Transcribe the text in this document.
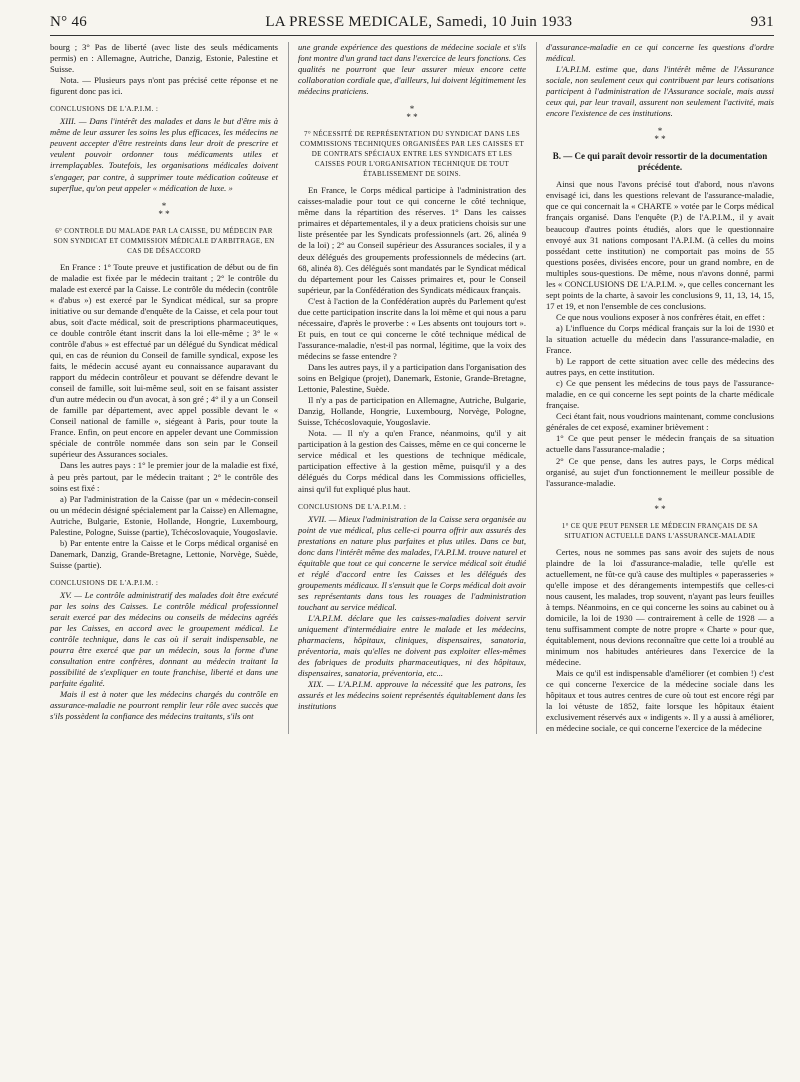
N° 46	LA PRESSE MEDICALE, Samedi, 10 Juin 1933	931

bourg ; 3° Pas de liberté (avec liste des seuls médicaments permis) en : Allemagne, Autriche, Danzig, Estonie, Palestine et Suisse.

Nota. — Plusieurs pays n'ont pas précisé cette réponse et ne figurent donc pas ici.

CONCLUSIONS DE L'A.P.I.M. :

XIII. — Dans l'intérêt des malades et dans le but d'être mis à même de leur assurer les soins les plus efficaces, les médecins ne peuvent accepter d'être restreints dans leur droit de prescrire et veulent pouvoir ordonner tous médicaments utiles et irremplaçables. Toutefois, les organisations médicales doivent s'engager, par contre, à supprimer toute médication coûteuse et superflue, qu'on peut appeler « médication de luxe. »

*
* *

6° CONTROLE DU MALADE PAR LA CAISSE, DU MÉDECIN PAR SON SYNDICAT ET COMMISSION MÉDICALE D'ARBITRAGE, EN CAS DE DÉSACCORD

En France : 1° Toute preuve et justification de début ou de fin de maladie est fixée par le médecin traitant ; 2° le contrôle du malade est exercé par la Caisse. Le contrôle du médecin (contrôle « d'abus ») est exercé par le Syndicat médical, sur sa propre initiative ou sur demande d'enquête de la Caisse, et cela pour tout abus, soit d'acte médical, soit de prescriptions pharmaceutiques, ce double contrôle étant inscrit dans la loi elle-même ; 3° le « contrôle d'abus » est effectué par un délégué du Syndicat médical qui, en cas de réunion du Conseil de famille syndical, expose les faits, le médecin accusé ayant eu connaissance auparavant du rapport du médecin contrôleur et pouvant se défendre devant le conseil de famille, soit lui-même seul, soit en se faisant assister d'un autre médecin ou d'un avocat, à son gré ; 4° il y a un Conseil de famille par département, avec appel possible devant le « Conseil national de famille », siégeant à Paris, pour toute la France. Enfin, on peut encore en appeler devant une Commission spéciale de contrôle nommée dans son sein par le Conseil supérieur des Assurances sociales.

Dans les autres pays : 1° le premier jour de la maladie est fixé, à peu près partout, par le médecin traitant ; 2° le contrôle des soins est fixé :

a) Par l'administration de la Caisse (par un « médecin-conseil ou un médecin désigné spécialement par la Caisse) en Allemagne, Autriche, Bulgarie, Estonie, Hollande, Hongrie, Luxembourg, Palestine, Pologne, Suisse (partie), Tchécoslovaquie, Yougoslavie.

b) Par entente entre la Caisse et le Corps médical organisé en Danemark, Danzig, Grande-Bretagne, Lettonie, Norvège, Suède, Suisse (partie).

CONCLUSIONS DE L'A.P.I.M. :

XV. — Le contrôle administratif des malades doit être exécuté par les soins des Caisses. Le contrôle médical professionnel serait exercé par des médecins ou conseils de médecins agréés par les Caisses, en accord avec le groupement médical. Le contrôle technique, dans le cas où il serait indispensable, ne pourra être exercé que par un médecin, sous la forme d'une consultation entre confrères, donnant au médecin traitant la possibilité de s'expliquer en toute franchise, liberté et dans une parfaite égalité.

Mais il est à noter que les médecins chargés du contrôle en assurance-maladie ne pourront remplir leur rôle avec succès que s'ils possèdent la confiance des médecins traitants, s'ils ont

une grande expérience des questions de médecine sociale et s'ils font montre d'un grand tact dans l'exercice de leurs fonctions. Ces qualités ne pourront que leur assurer mieux encore cette collaboration cordiale que, d'ailleurs, lui doivent légitimement les médecins praticiens.

*
* *

7° NÉCESSITÉ DE REPRÉSENTATION DU SYNDICAT DANS LES COMMISSIONS TECHNIQUES ORGANISÉES PAR LES CAISSES ET DE CONTRATS SPÉCIAUX ENTRE LES SYNDICATS ET LES CAISSES POUR L'ORGANISATION TECHNIQUE DE TOUT ÉTABLISSEMENT DE SOINS.

En France, le Corps médical participe à l'administration des caisses-maladie pour tout ce qui concerne le côté technique, même dans la répartition des réserves. 1° Dans les caisses primaires et départementales, il y a deux praticiens choisis sur une liste présentée par les Syndicats professionnels (art. 26, alinéa 9 de la loi) ; 2° au Conseil supérieur des Assurances sociales, il y a deux délégués des groupements professionnels de médecins (art. 68, alinéa 8). Ces délégués sont mandatés par le Syndicat médical du département pour les Caisses primaires et, pour le Conseil supérieur, par la Confédération des Syndicats médicaux français.

C'est à l'action de la Confédération auprès du Parlement qu'est due cette participation inscrite dans la loi même et qui nous a paru nécessaire, d'après le proverbe : « Les absents ont toujours tort ». Et puis, en tout ce qui concerne le côté technique médical de l'assurance-maladie, n'est-il pas normal, légitime, que la voix des médecins se fasse entendre ?

Dans les autres pays, il y a participation dans l'organisation des soins en Belgique (projet), Danemark, Estonie, Grande-Bretagne, Lettonie, Palestine, Suède.

Il n'y a pas de participation en Allemagne, Autriche, Bulgarie, Danzig, Hollande, Hongrie, Luxembourg, Norvège, Pologne, Suisse, Tchécoslovaquie, Yougoslavie.

Nota. — Il n'y a qu'en France, néanmoins, qu'il y ait participation à la gestion des Caisses, même en ce qui concerne le service médical et les questions de technique médicale, participation effective à la gestion même, puisqu'il y a des délégués du Corps médical dans les Commissions officielles, ainsi qu'il fut expliqué plus haut.

CONCLUSIONS DE L'A.P.I.M. :

XVII. — Mieux l'administration de la Caisse sera organisée au point de vue médical, plus celle-ci pourra offrir aux assurés des prestations en nature plus parfaites et plus utiles. Dans ce but, donc dans l'intérêt même des malades, l'A.P.I.M. trouve naturel et équitable que tout ce qui concerne le service médical soit étudié et réglé d'accord entre les Caisses et les délégués des groupements médicaux. Il s'ensuit que le Corps médical doit avoir ses représentants dans tous les rouages de l'administration touchant au service médical.

L'A.P.I.M. déclare que les caisses-maladies doivent servir uniquement d'intermédiaire entre le malade et les médecins, pharmaciens, hôpitaux, cliniques, dispensaires, sanatoria, préventoria, mais qu'elles ne doivent pas exploiter elles-mêmes des fabriques de produits pharmaceutiques, ni des hôpitaux, dispensaires, sanatoria, préventoria, etc...

XIX. — L'A.P.I.M. approuve la nécessité que les patrons, les assurés et les médecins soient représentés équitablement dans les institutions

d'assurance-maladie en ce qui concerne les questions d'ordre médical.

L'A.P.I.M. estime que, dans l'intérêt même de l'Assurance sociale, non seulement ceux qui contribuent par leurs cotisations participent à l'administration de l'Assurance sociale, mais aussi ceux qui, par leur travail, assurent non seulement l'activité, mais encore l'existence de ces institutions.

*
* *

B. — Ce qui paraît devoir ressortir de la documentation précédente.

Ainsi que nous l'avons précisé tout d'abord, nous n'avons envisagé ici, dans les questions relevant de l'assurance-maladie, que ce qui concernait la « CHARTE » votée par le Corps médical français organisé. Dans l'enquête (P.) de l'A.P.I.M., il y avait beaucoup d'autres points étudiés, alors que le questionnaire envoyé aux 31 nations composant l'A.P.I.M. (à celles du moins possédant cette institution) ne comportait pas moins de 55 questions posées, divisées encore, pour un grand nombre, en de multiples sous-questions. De même, nous n'avons donné, parmi les « CONCLUSIONS DE L'A.P.I.M. », que celles concernant les sept points de la charte, à savoir les conclusions 9, 11, 13, 14, 15, 17 et 19, et non l'ensemble de ces conclusions.

Ce que nous voulions exposer à nos confrères était, en effet :

a) L'influence du Corps médical français sur la loi de 1930 et la situation actuelle du médecin dans l'assurance-maladie, en France.

b) Le rapport de cette situation avec celle des médecins des autres pays, en cette institution.

c) Ce que pensent les médecins de tous pays de l'assurance-maladie, en ce qui concerne les sept points de la charte médicale française.

Ceci étant fait, nous voudrions maintenant, comme conclusions générales de cet exposé, examiner brièvement :

1° Ce que peut penser le médecin français de sa situation actuelle dans l'assurance-maladie ;

2° Ce que pense, dans les autres pays, le Corps médical organisé, au sujet d'un fonctionnement le meilleur possible de l'assurance-maladie.

*
* *

1° CE QUE PEUT PENSER LE MÉDECIN FRANÇAIS DE SA SITUATION ACTUELLE DANS L'ASSURANCE-MALADIE

Certes, nous ne sommes pas sans avoir des sujets de nous plaindre de la loi d'assurance-maladie, telle qu'elle est actuellement, ne fût-ce qu'à cause des multiples « paperasseries » qu'elle impose et des dérangements intempestifs que celles-ci nous causent, les malades, trop souvent, n'ayant pas leurs feuilles à temps. Néanmoins, en ce qui concerne les soins au cabinet ou à domicile, la loi de 1930 — contrairement à celle de 1928 — a tenu suffisamment compte de notre propre « Charte » pour que, équitablement, nous devions reconnaître que cette loi a troublé au minimum nos habitudes antérieures dans l'exercice de la médecine.

Mais ce qu'il est indispensable d'améliorer (et combien !) c'est ce qui concerne l'exercice de la médecine sociale dans les hôpitaux et tous autres centres de cure où tout est encore régi par la loi vétuste de 1852, faite lorsque les hôpitaux étaient exclusivement réservés aux « indigents ». Il y a aussi à améliorer, en médecine sociale, ce qui concerne l'exercice de la médecine
